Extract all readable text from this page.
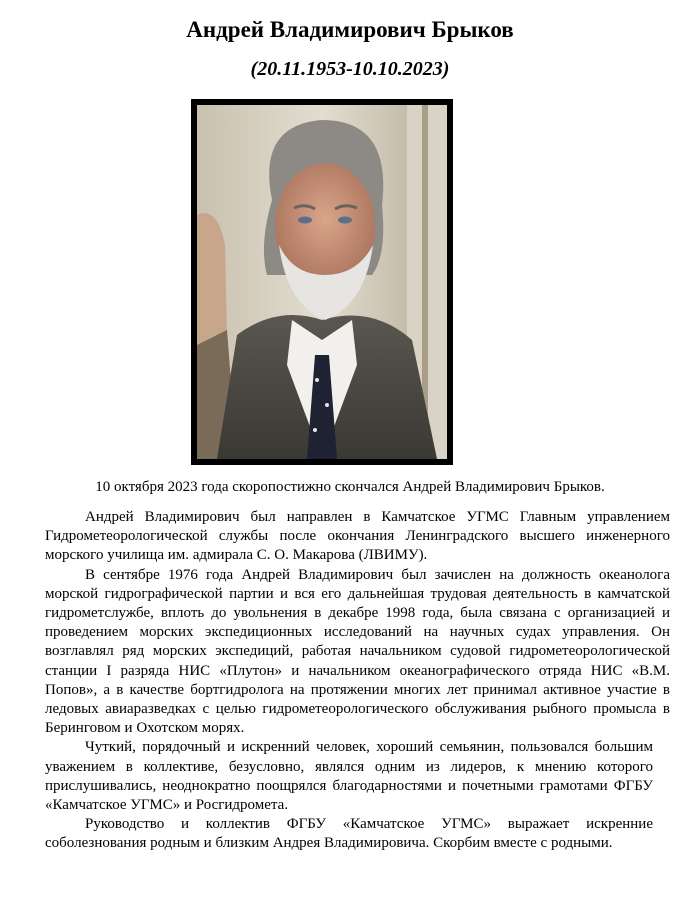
Андрей Владимирович Брыков
(20.11.1953-10.10.2023)
10 октября 2023 года скоропостижно скончался Андрей Владимирович Брыков.

Андрей Владимирович был направлен в Камчатское УГМС Главным управлением Гидрометеорологической службы после окончания Ленинградского высшего инженерного морского училища им. адмирала С. О. Макарова (ЛВИМУ).

В сентябре 1976 года Андрей Владимирович был зачислен на должность океанолога морской гидрографической партии и вся его дальнейшая трудовая деятельность в камчатской гидрометслужбе, вплоть до увольнения в декабре 1998 года, была связана с организацией и проведением морских экспедиционных исследований на научных судах управления. Он возглавлял ряд морских экспедиций, работая начальником судовой гидрометеорологической станции I разряда НИС «Плутон» и начальником океанографического отряда НИС «В.М. Попов», а в качестве бортгидролога на протяжении многих лет принимал активное участие в ледовых авиаразведках с целью гидрометеорологического обслуживания рыбного промысла в Беринговом и Охотском морях.

Чуткий, порядочный и искренний человек, хороший семьянин, пользовался большим уважением в коллективе, безусловно, являлся одним из лидеров, к мнению которого прислушивались, неоднократно поощрялся благодарностями и почетными грамотами ФГБУ «Камчатское УГМС» и Росгидромета.

Руководство и коллектив ФГБУ «Камчатское УГМС» выражает искренние соболезнования родным и близким Андрея Владимировича. Скорбим вместе с родными.
